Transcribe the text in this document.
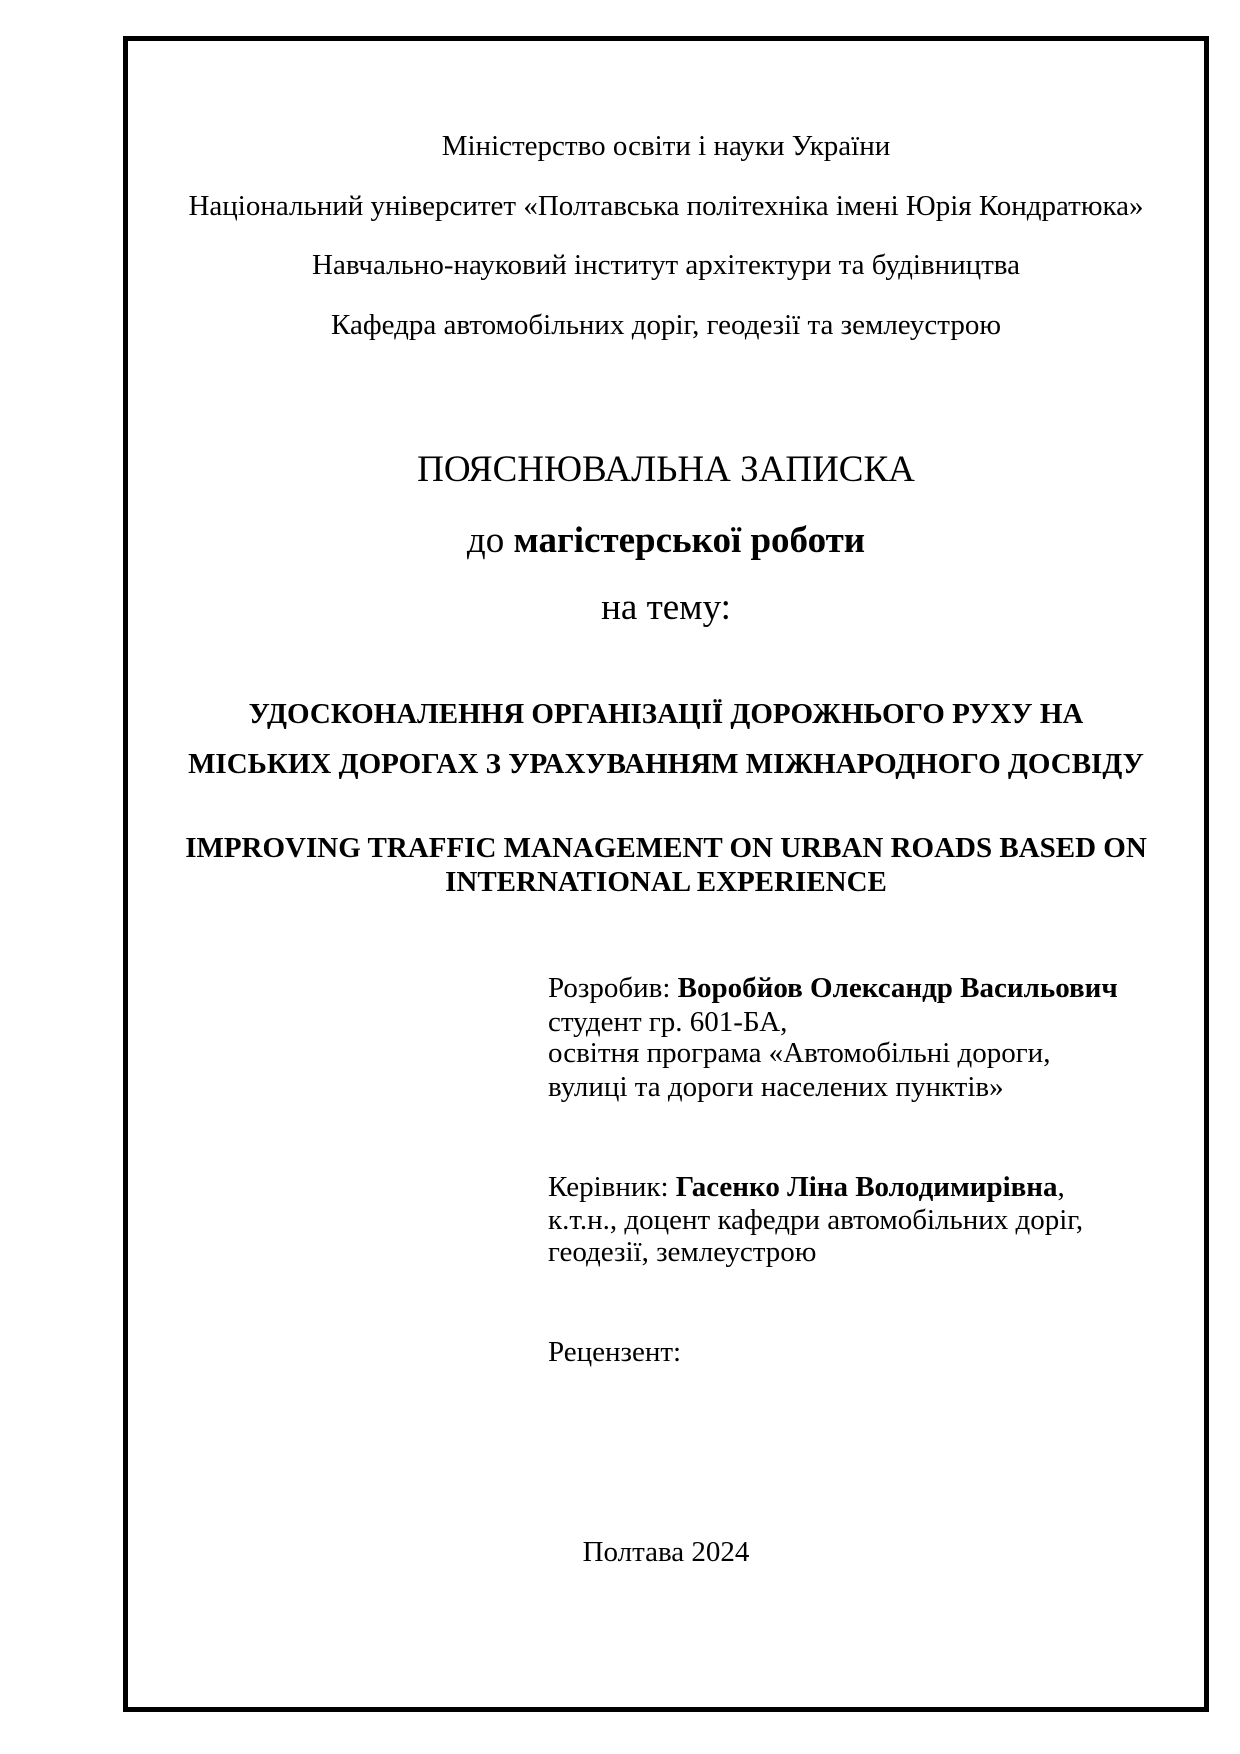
Міністерство освіти і науки України
Національний університет «Полтавська політехніка імені Юрія Кондратюка»
Навчально-науковий інститут архітектури та будівництва
Кафедра автомобільних доріг, геодезії та землеустрою
ПОЯСНЮВАЛЬНА ЗАПИСКА
до магістерської роботи
на тему:
УДОСКОНАЛЕННЯ ОРГАНІЗАЦІЇ ДОРОЖНЬОГО РУХУ НА
МІСЬКИХ ДОРОГАХ З УРАХУВАННЯМ МІЖНАРОДНОГО ДОСВІДУ
IMPROVING TRAFFIC MANAGEMENT ON URBAN ROADS BASED ON
INTERNATIONAL EXPERIENCE
Розробив: Воробйов Олександр Васильович
студент гр. 601-БА,
освітня програма «Автомобільні дороги,
вулиці та дороги населених пунктів»
Керівник: Гасенко Ліна Володимирівна,
к.т.н., доцент кафедри автомобільних доріг,
геодезії, землеустрою
Рецензент:
Полтава 2024
